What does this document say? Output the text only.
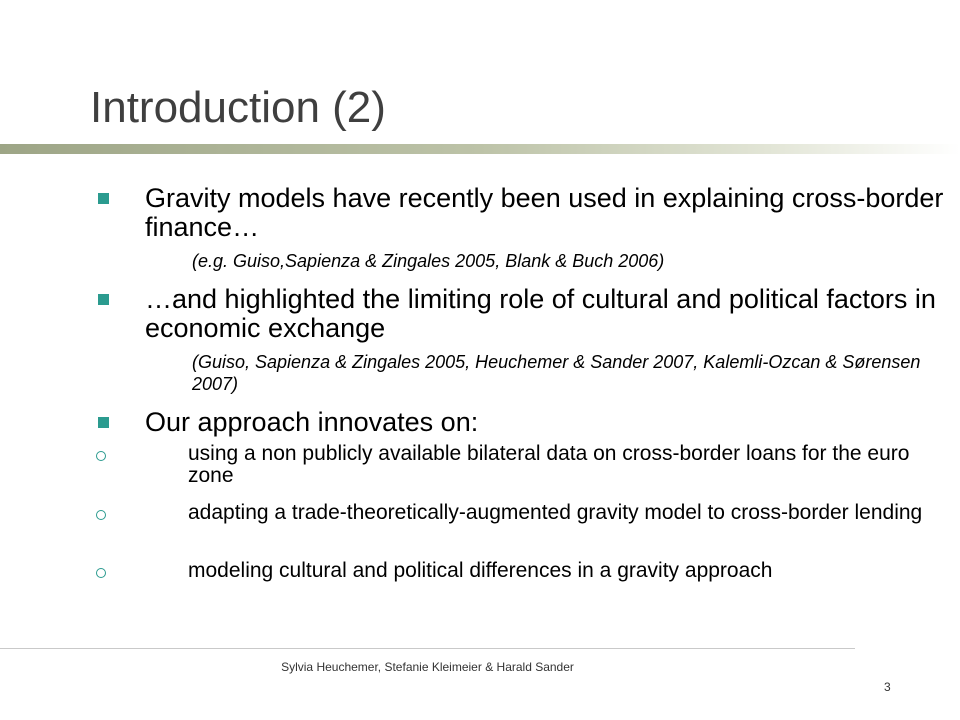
Introduction (2)
Gravity models have recently been used in explaining cross-border finance…
(e.g. Guiso,Sapienza & Zingales 2005, Blank & Buch 2006)
…and highlighted the limiting role of cultural and political factors in economic exchange
(Guiso, Sapienza & Zingales 2005, Heuchemer & Sander 2007, Kalemli-Ozcan & Sørensen 2007)
Our approach innovates on:
using a non publicly available bilateral data on cross-border loans for the euro zone
adapting a trade-theoretically-augmented gravity model to cross-border lending
modeling cultural and political differences in a gravity approach
Sylvia Heuchemer, Stefanie Kleimeier & Harald Sander
3
